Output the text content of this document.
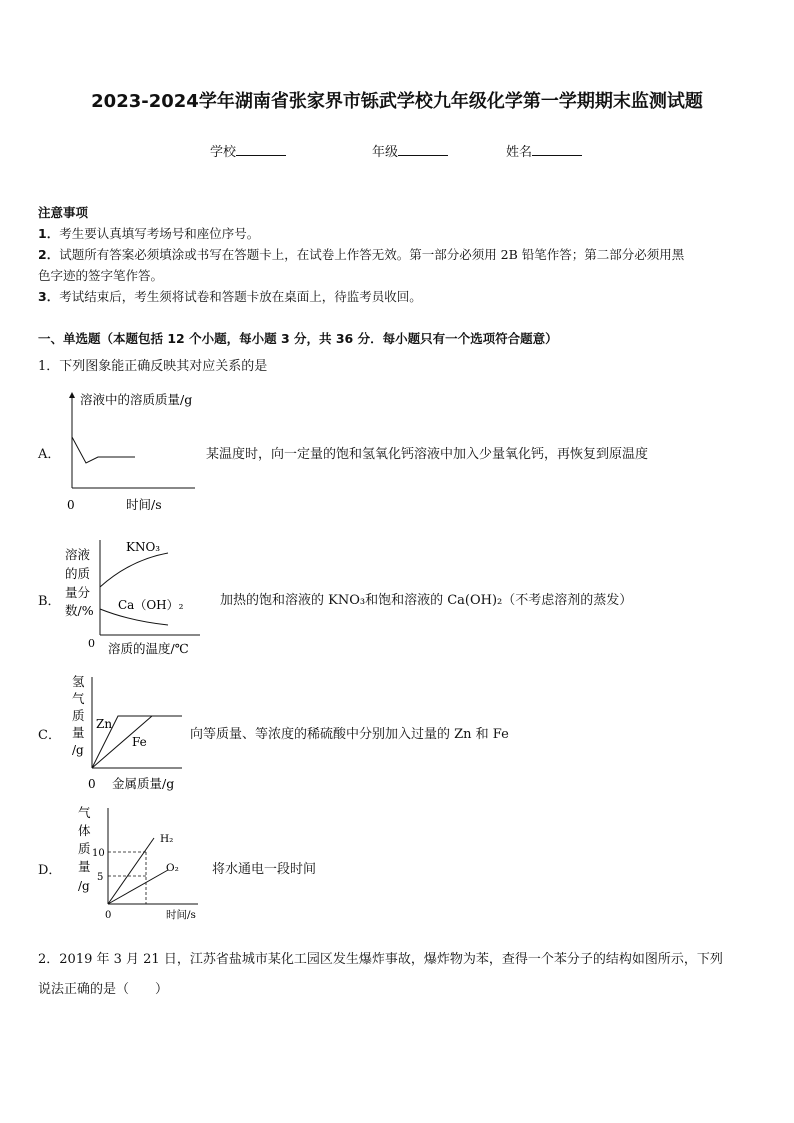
2023-2024学年湖南省张家界市铄武学校九年级化学第一学期期末监测试题
学校	年级	姓名
注意事项
1．考生要认真填写考场号和座位序号。
2．试题所有答案必须填涂或书写在答题卡上，在试卷上作答无效。第一部分必须用 2B 铅笔作答；第二部分必须用黑
色字迹的签字笔作答。
3．考试结束后，考生须将试卷和答题卡放在桌面上，待监考员收回。
一、单选题（本题包括 12 个小题，每小题 3 分，共 36 分．每小题只有一个选项符合题意）
1．下列图象能正确反映其对应关系的是
A．
溶液中的溶质质量/g
0	时间/s
某温度时，向一定量的饱和氢氧化钙溶液中加入少量氧化钙，再恢复到原温度
B．
溶液
的质
量分
数/%
KNO₃
Ca（OH）₂
0 溶质的温度/℃
加热的饱和溶液的 KNO₃和饱和溶液的 Ca(OH)₂（不考虑溶剂的蒸发）
C．
氢
气
质
量
/g
Zn
Fe
0 金属质量/g
向等质量、等浓度的稀硫酸中分别加入过量的 Zn 和 Fe
D．
气
体
质
量
/g
10
5
H₂
O₂
0	时间/s
将水通电一段时间
2．2019 年 3 月 21 日，江苏省盐城市某化工园区发生爆炸事故，爆炸物为苯，查得一个苯分子的结构如图所示，下列
说法正确的是（　　）
